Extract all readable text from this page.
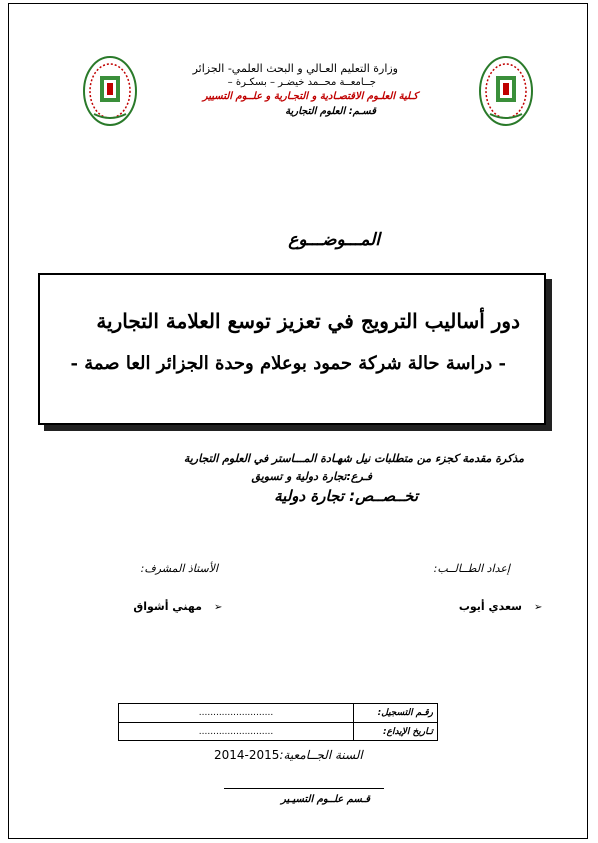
وزارة التعليم العـالي و البحث العلمي- الجزائر
جــامعــة محــمد خيضـر – بسكـرة –
كـلية العلـوم الاقتصـادية و التجـارية و علــوم التسيير
قسـم: العلوم التجارية
المـــوضـــوع
دور أساليب الترويج في تعزيز توسع العلامة التجارية
- دراسة حالة شركة حمود بوعلام وحدة الجزائر العا صمة -
مذكرة مقدمة كجزء من متطلبات نيل شهـادة المـــاستر في العلوم التجارية
فـرع:تجارة دولية و تسويق
تخــصــص: تجارة دولية
إعداد الطــالــب:
الأستاذ المشرف:
➢
سعدي أيوب
➢
مهني أشواق
رقـم التسجيل:
..........................
تـاريخ الإيداع:
..........................
السنة الجــامعية:2015-2014
قـسم علــوم التسيـير
